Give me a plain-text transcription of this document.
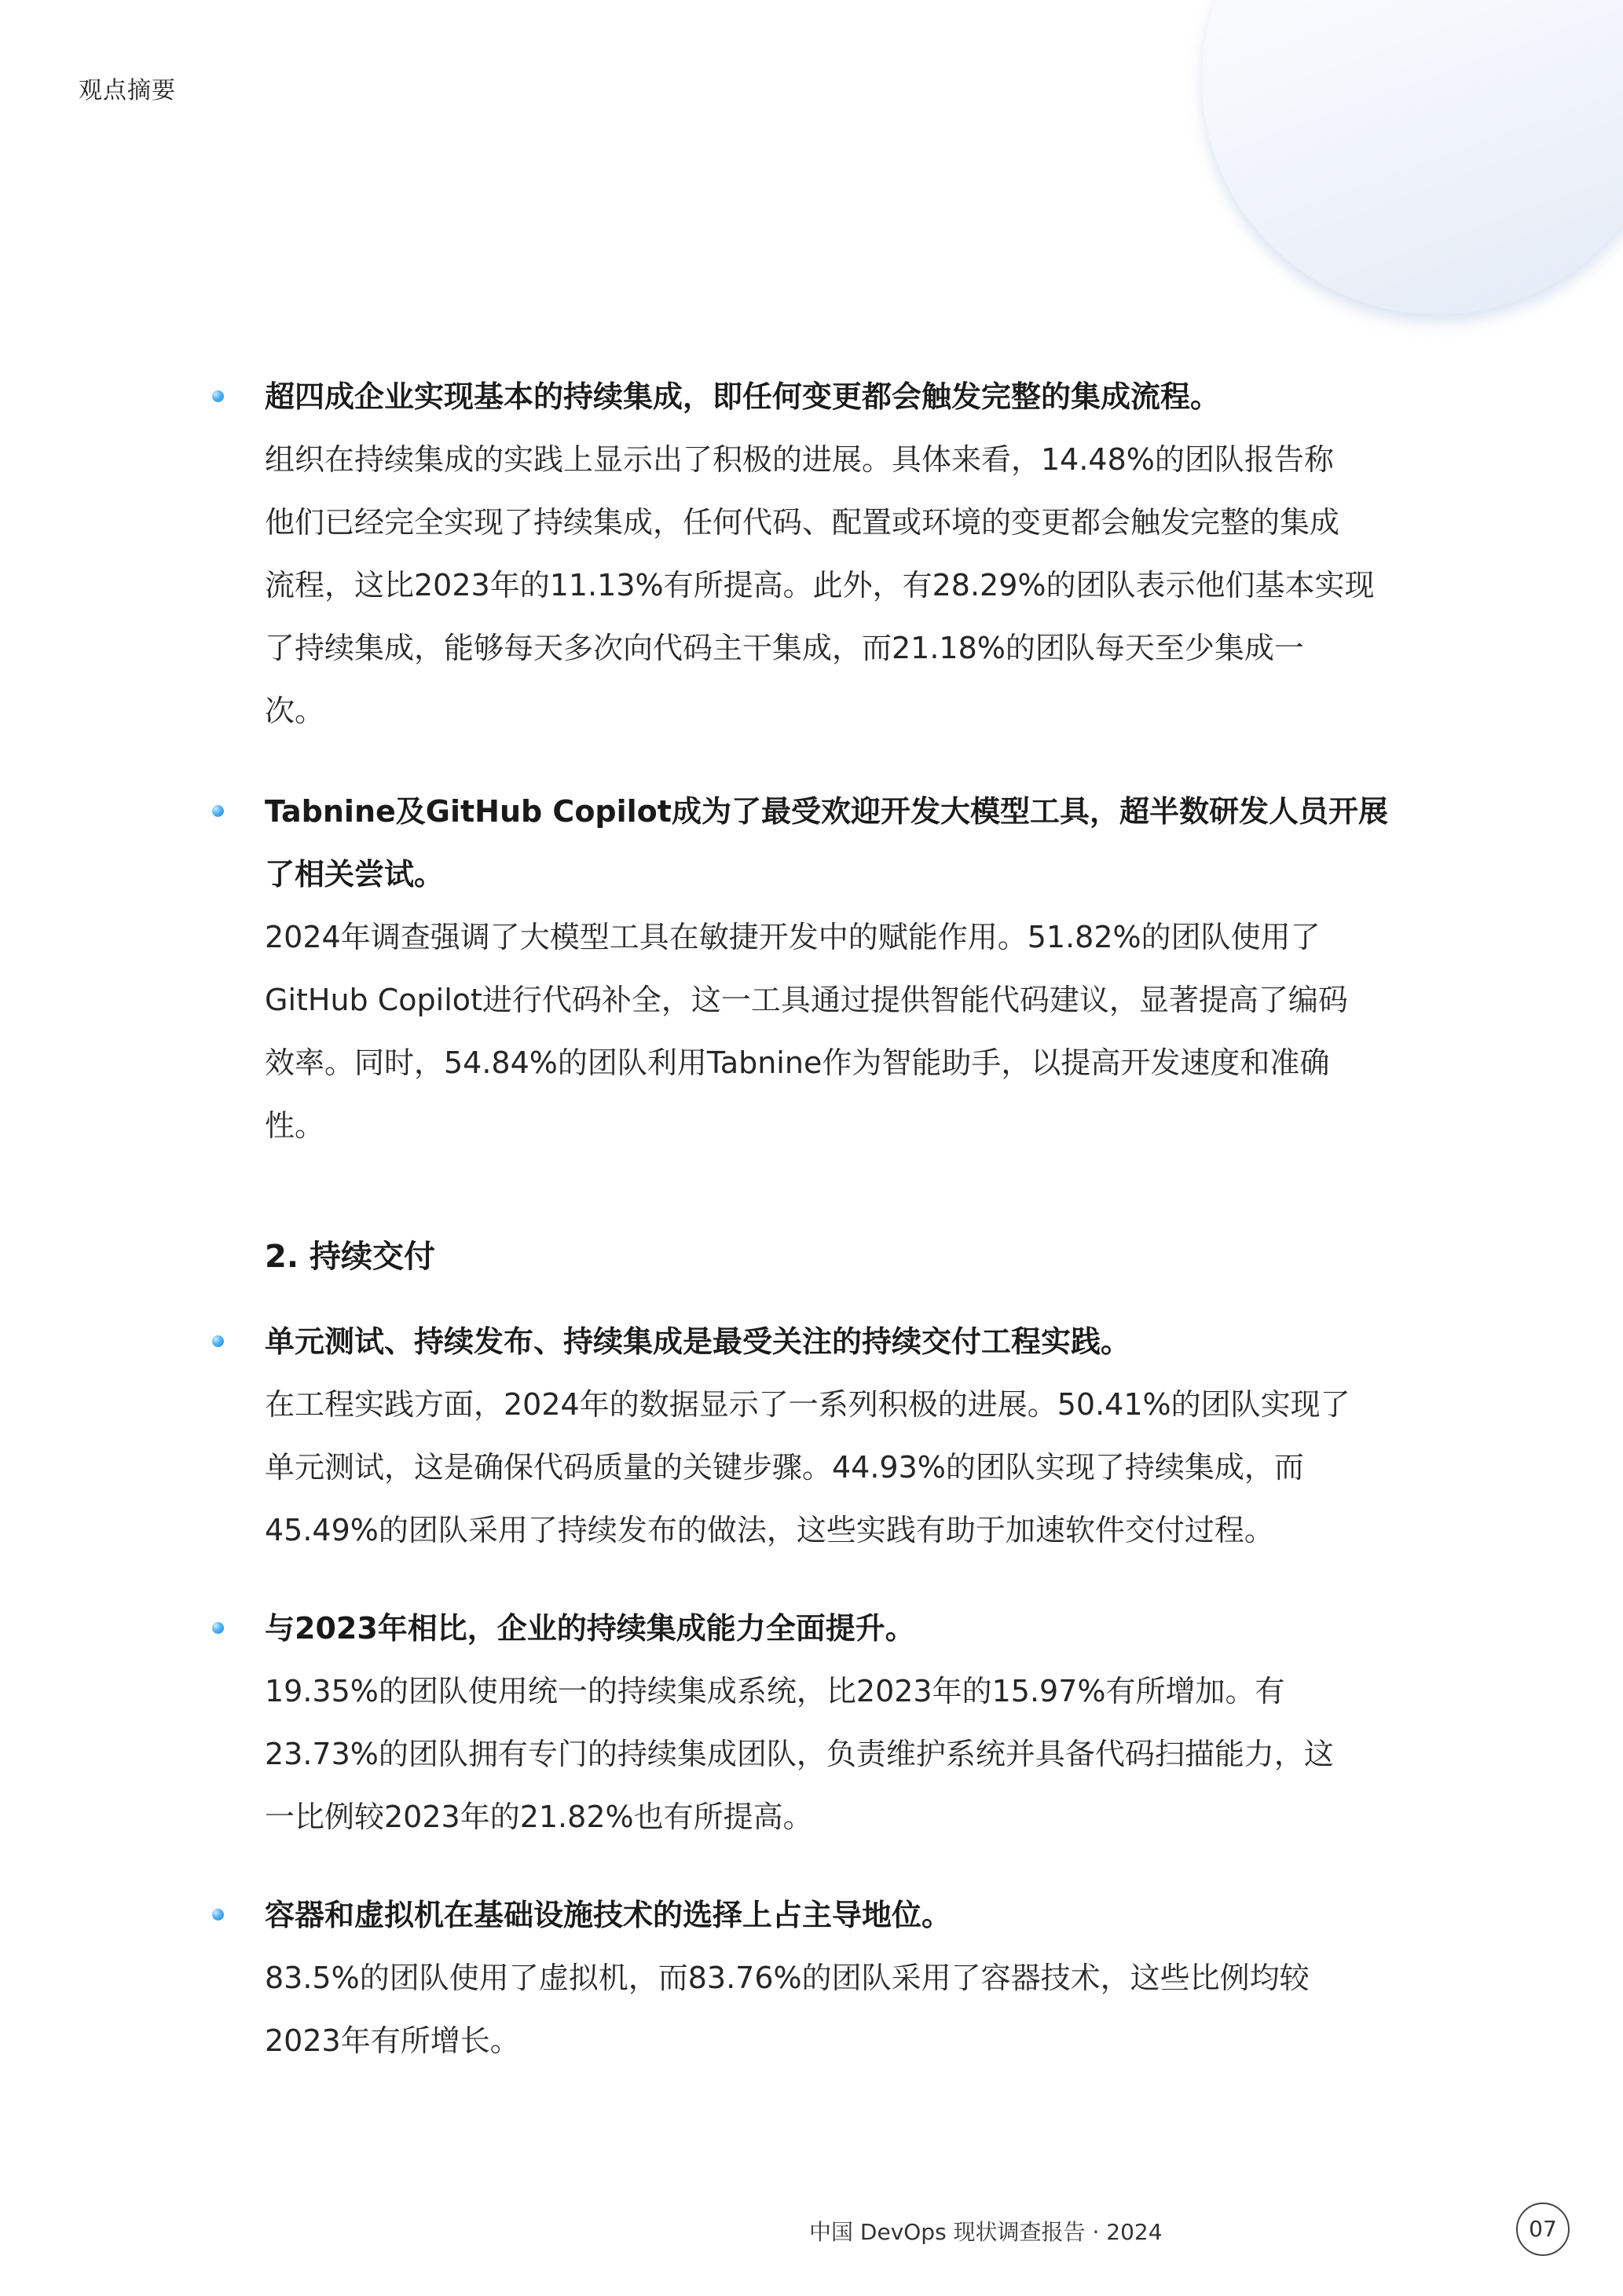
观点摘要
超四成企业实现基本的持续集成，即任何变更都会触发完整的集成流程。
组织在持续集成的实践上显示出了积极的进展。具体来看，14.48%的团队报告称
他们已经完全实现了持续集成，任何代码、配置或环境的变更都会触发完整的集成
流程，这比2023年的11.13%有所提高。此外，有28.29%的团队表示他们基本实现
了持续集成，能够每天多次向代码主干集成，而21.18%的团队每天至少集成一
次。
Tabnine及GitHub Copilot成为了最受欢迎开发大模型工具，超半数研发人员开展
了相关尝试。
2024年调查强调了大模型工具在敏捷开发中的赋能作用。51.82%的团队使用了
GitHub Copilot进行代码补全，这一工具通过提供智能代码建议，显著提高了编码
效率。同时，54.84%的团队利用Tabnine作为智能助手，以提高开发速度和准确
性。
2. 持续交付
单元测试、持续发布、持续集成是最受关注的持续交付工程实践。
在工程实践方面，2024年的数据显示了一系列积极的进展。50.41%的团队实现了
单元测试，这是确保代码质量的关键步骤。44.93%的团队实现了持续集成，而
45.49%的团队采用了持续发布的做法，这些实践有助于加速软件交付过程。
与2023年相比，企业的持续集成能力全面提升。
19.35%的团队使用统一的持续集成系统，比2023年的15.97%有所增加。有
23.73%的团队拥有专门的持续集成团队，负责维护系统并具备代码扫描能力，这
一比例较2023年的21.82%也有所提高。
容器和虚拟机在基础设施技术的选择上占主导地位。
83.5%的团队使用了虚拟机，而83.76%的团队采用了容器技术，这些比例均较
2023年有所增长。
中国 DevOps 现状调查报告 · 2024	07
